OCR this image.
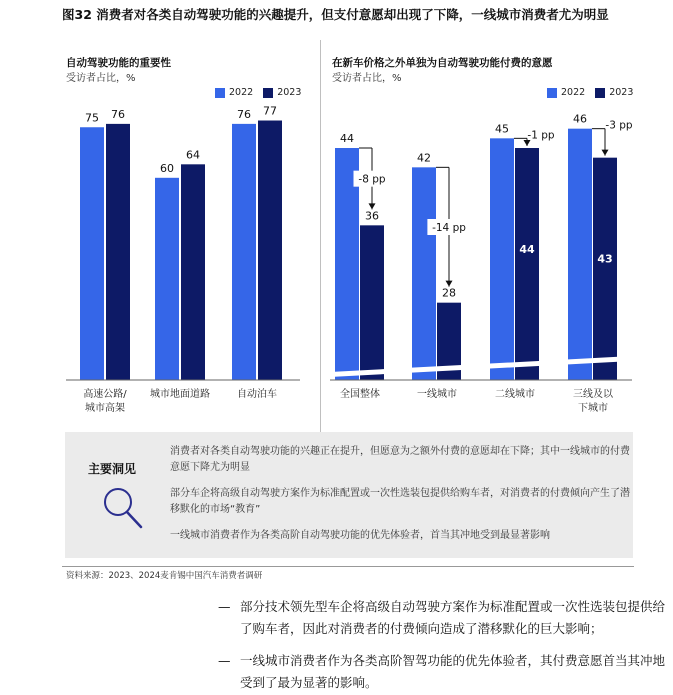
图32 消费者对各类自动驾驶功能的兴趣提升，但支付意愿却出现了下降，一线城市消费者尤为明显
自动驾驶功能的重要性
受访者占比，%
2022	2023
在新车价格之外单独为自动驾驶功能付费的意愿
受访者占比，%
2022	2023
75 76
高速公路/
城市高架
60
64
城市地面道路
76 77
自动泊车
44
36
-8 pp
全国整体
42
28
-14 pp
一线城市
45
44
-1 pp
二线城市
46
43
-3 pp
三线及以
下城市
主要洞见
消费者对各类自动驾驶功能的兴趣正在提升，但愿意为之额外付费的意愿却在下降；其中一线城市的付费意愿下降尤为明显
部分车企将高级自动驾驶方案作为标准配置或一次性选装包提供给购车者，对消费者的付费倾向产生了潜移默化的市场“教育”
一线城市消费者作为各类高阶自动驾驶功能的优先体验者，首当其冲地受到最显著影响
资料来源：2023、2024麦肯锡中国汽车消费者调研
— 部分技术领先型车企将高级自动驾驶方案作为标准配置或一次性选装包提供给了购车者，因此对消费者的付费倾向造成了潜移默化的巨大影响；
— 一线城市消费者作为各类高阶智驾功能的优先体验者，其付费意愿首当其冲地受到了最为显著的影响。
